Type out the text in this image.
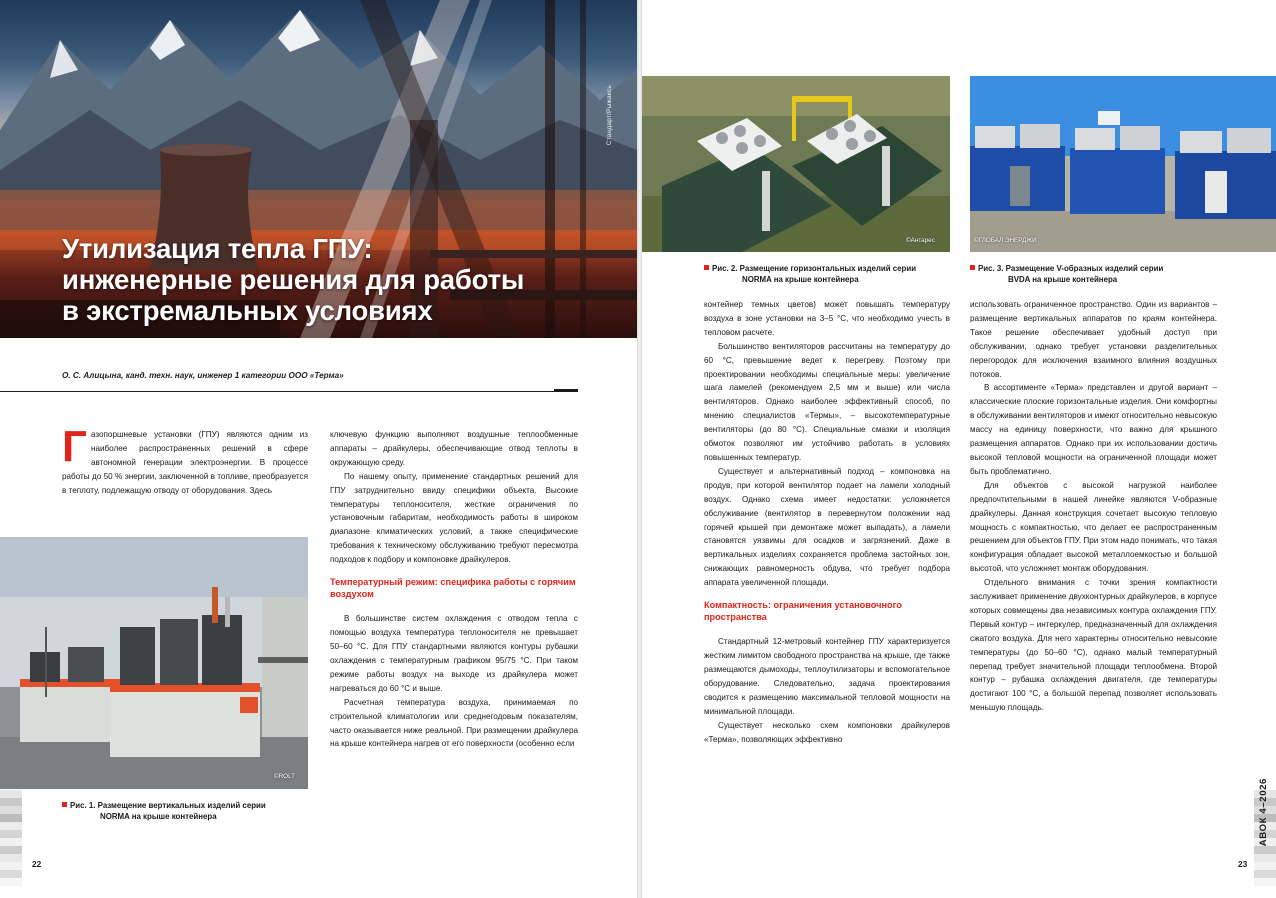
Утилизация тепла ГПУ:
инженерные решения для работы
в экстремальных условиях
Стандарт/Рыжаксь
О. С. Алицына, канд. техн. наук, инженер 1 категории ООО «Терма»
Газопоршневые установки (ГПУ) являются одним из наиболее распространенных решений в сфере автономной генерации электроэнергии. В процессе работы до 50 % энергии, заключенной в топливе, преобразуется в теплоту, подлежащую отводу от оборудования. Здесь
©ROLT
Рис. 1. Размещение вертикальных изделий серии
NORMA на крыше контейнера

ключевую функцию выполняют воздушные теплообменные аппараты – драйкулеры, обеспечивающие отвод теплоты в окружающую среду.

По нашему опыту, применение стандартных решений для ГПУ затруднительно ввиду специфики объекта. Высокие температуры теплоносителя, жесткие ограничения по установочным габаритам, необходимость работы в широком диапазоне климатических условий, а также специфические требования к техническому обслуживанию требуют пересмотра подходов к подбору и компоновке драйкулеров.

Температурный режим: специфика работы с горячим воздухом

В большинстве систем охлаждения с отводом тепла с помощью воздуха температура теплоносителя не превышает 50–60 °С. Для ГПУ стандартными являются контуры рубашки охлаждения с температурным графиком 95/75 °С. При таком режиме работы воздух на выходе из драйкулера может нагреваться до 60 °С и выше.

Расчетная температура воздуха, принимаемая по строительной климатологии или среднегодовым показателям, часто оказывается ниже реальной. При размещении драйкулера на крыше контейнера нагрев от его поверхности (особенно если

22
©Антарес	©ГЛОБАЛ ЭНЕРДЖИ
Рис. 2. Размещение горизонтальных изделий серии
NORMA на крыше контейнера
Рис. 3. Размещение V-образных изделий серии
BVDA на крыше контейнера

контейнер темных цветов) может повышать температуру воздуха в зоне установки на 3–5 °С, что необходимо учесть в тепловом расчете.

Большинство вентиляторов рассчитаны на температуру до 60 °С, превышение ведет к перегреву. Поэтому при проектировании необходимы специальные меры: увеличение шага ламелей (рекомендуем 2,5 мм и выше) или числа вентиляторов. Однако наиболее эффективный способ, по мнению специалистов «Термы», – высокотемпературные вентиляторы (до 80 °С). Специальные смазки и изоляция обмоток позволяют им устойчиво работать в условиях повышенных температур.

Существует и альтернативный подход – компоновка на продув, при которой вентилятор подает на ламели холодный воздух. Однако схема имеет недостатки: усложняется обслуживание (вентилятор в перевернутом положении над горячей крышей при демонтаже может выпадать), а ламели становятся уязвимы для осадков и загрязнений. Даже в вертикальных изделиях сохраняется проблема застойных зон, снижающих равномерность обдува, что требует подбора аппарата увеличенной площади.

Компактность: ограничения установочного пространства

Стандартный 12-метровый контейнер ГПУ характеризуется жестким лимитом свободного пространства на крыше, где также размещаются дымоходы, теплоутилизаторы и вспомогательное оборудование. Следовательно, задача проектирования сводится к размещению максимальной тепловой мощности на минимальной площади.

Существует несколько схем компоновки драйкулеров «Терма», позволяющих эффективно

использовать ограниченное пространство. Один из вариантов – размещение вертикальных аппаратов по краям контейнера. Такое решение обеспечивает удобный доступ при обслуживании, однако требует установки разделительных перегородок для исключения взаимного влияния воздушных потоков.

В ассортименте «Терма» представлен и другой вариант – классические плоские горизонтальные изделия. Они комфортны в обслуживании вентиляторов и имеют относительно невысокую массу на единицу поверхности, что важно для крышного размещения аппаратов. Однако при их использовании достичь высокой тепловой мощности на ограниченной площади может быть проблематично.

Для объектов с высокой нагрузкой наиболее предпочтительными в нашей линейке являются V-образные драйкулеры. Данная конструкция сочетает высокую тепловую мощность с компактностью, что делает ее распространенным решением для объектов ГПУ. При этом надо понимать, что такая конфигурация обладает высокой металлоемкостью и большой высотой, что усложняет монтаж оборудования.

Отдельного внимания с точки зрения компактности заслуживает применение двухконтурных драйкулеров, в корпусе которых совмещены два независимых контура охлаждения ГПУ. Первый контур – интеркулер, предназначенный для охлаждения сжатого воздуха. Для него характерны относительно невысокие температуры (до 50–60 °С), однако малый температурный перепад требует значительной площади теплообмена. Второй контур – рубашка охлаждения двигателя, где температуры достигают 100 °С, а большой перепад позволяет использовать меньшую площадь.

23
АВОК 4–2026
